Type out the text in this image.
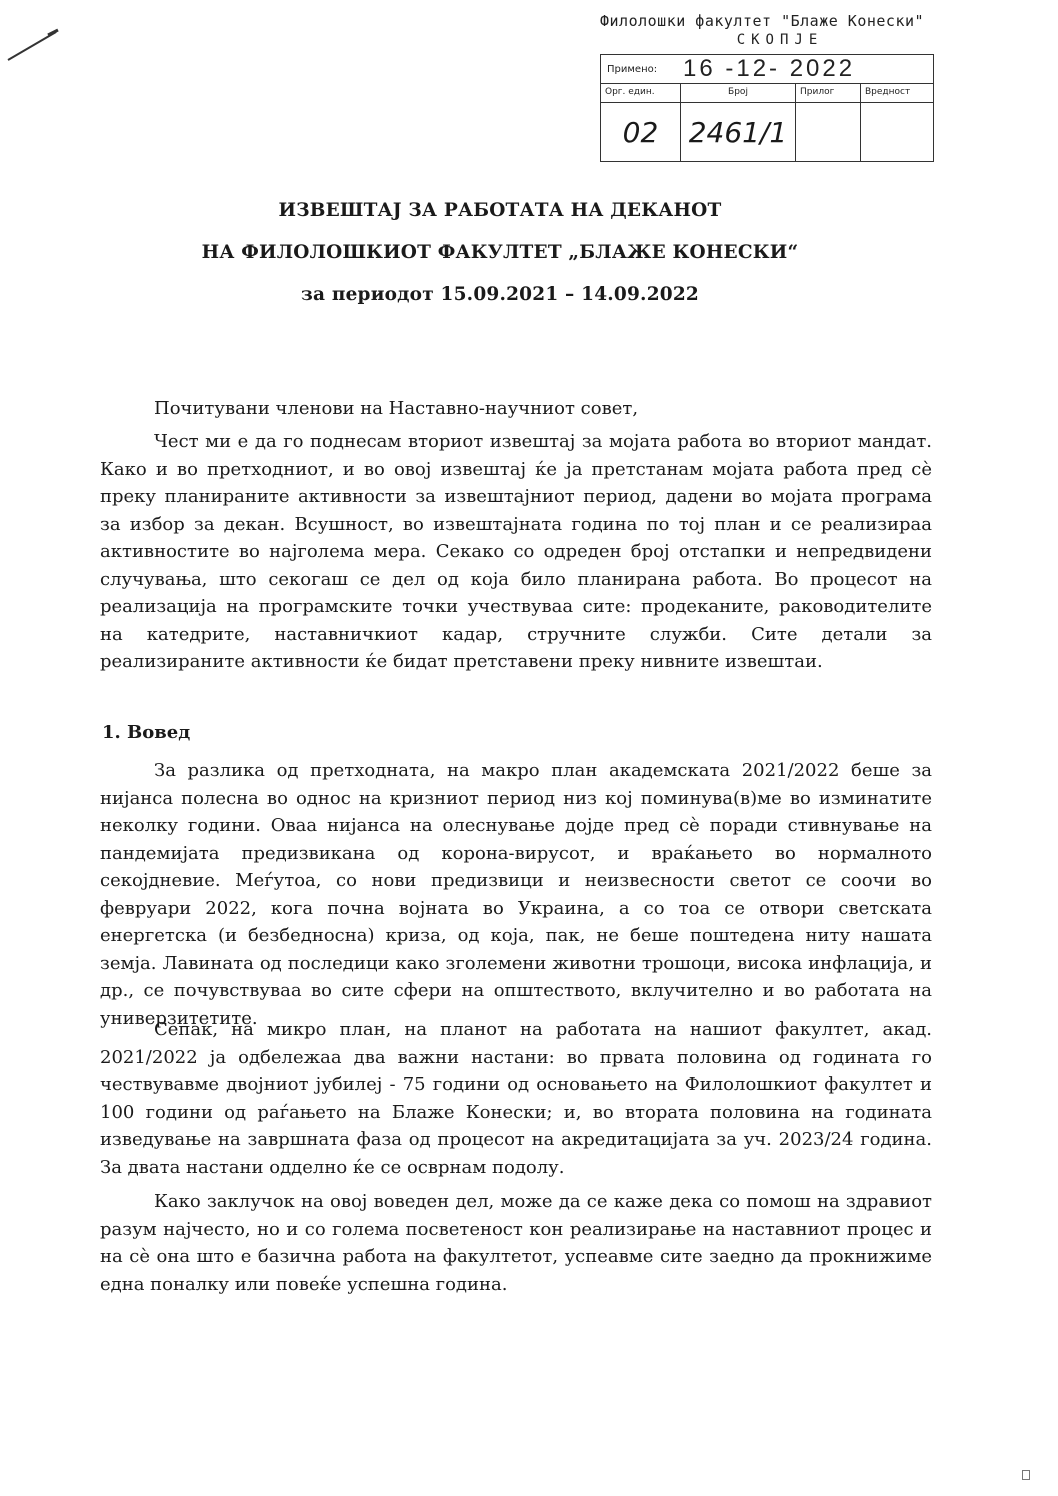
Филолошки факултет "Блаже Конески"
СКОПЈЕ
Примено:	16 -12- 2022
Орг. един.	Број	Прилог	Вредност
02	2461/1
ИЗВЕШТАЈ ЗА РАБОТАТА НА ДЕКАНОТ
НА ФИЛОЛОШКИОТ ФАКУЛТЕТ „БЛАЖЕ КОНЕСКИ“
за периодот 15.09.2021 – 14.09.2022
Почитувани членови на Наставно-научниот совет,
Чест ми е да го поднесам вториот извештај за мојата работа во вториот мандат. Како и во претходниот, и во овој извештај ќе ја претстанам мојата работа пред сè преку планираните активности за извештајниот период, дадени во мојата програма за избор за декан. Всушност, во извештајната година по тој план и се реализираа активностите во најголема мера. Секако со одреден број отстапки и непредвидени случувања, што секогаш се дел од која било планирана работа. Во процесот на реализација на програмските точки учествуваа сите: продеканите, раководителите на катедрите, наставничкиот кадар, стручните служби. Сите детали за реализираните активности ќе бидат претставени преку нивните извештаи.
1. Вовед
За разлика од претходната, на макро план академската 2021/2022 беше за нијанса полесна во однос на кризниот период низ кој поминува(в)ме во изминатите неколку години. Оваа нијанса на олеснување дојде пред сè поради стивнување на пандемијата предизвикана од корона-вирусот, и враќањето во нормалното секојдневие. Меѓутоа, со нови предизвици и неизвесности светот се соочи во февруари 2022, кога почна војната во Украина, а со тоа се отвори светската енергетска (и безбедносна) криза, од која, пак, не беше поштедена ниту нашата земја. Лавината од последици како зголемени животни трошоци, висока инфлација, и др., се почувствуваа во сите сфери на општеството, вклучително и во работата на универзитетите.
Сепак, на микро план, на планот на работата на нашиот факултет, акад. 2021/2022 ја одбележаа два важни настани: во првата половина од годината го чествувавме двојниот јубилеј - 75 години од основањето на Филолошкиот факултет и 100 години од раѓањето на Блаже Конески; и, во втората половина на годината изведување на завршната фаза од процесот на акредитацијата за уч. 2023/24 година. За двата настани одделно ќе се осврнам подолу.
Како заклучок на овој воведен дел, може да се каже дека со помош на здравиот разум најчесто, но и со голема посветеност кон реализирање на наставниот процес и на сè она што е базична работа на факултетот, успеавме сите заедно да прокнижиме една поналку или повеќе успешна година.
